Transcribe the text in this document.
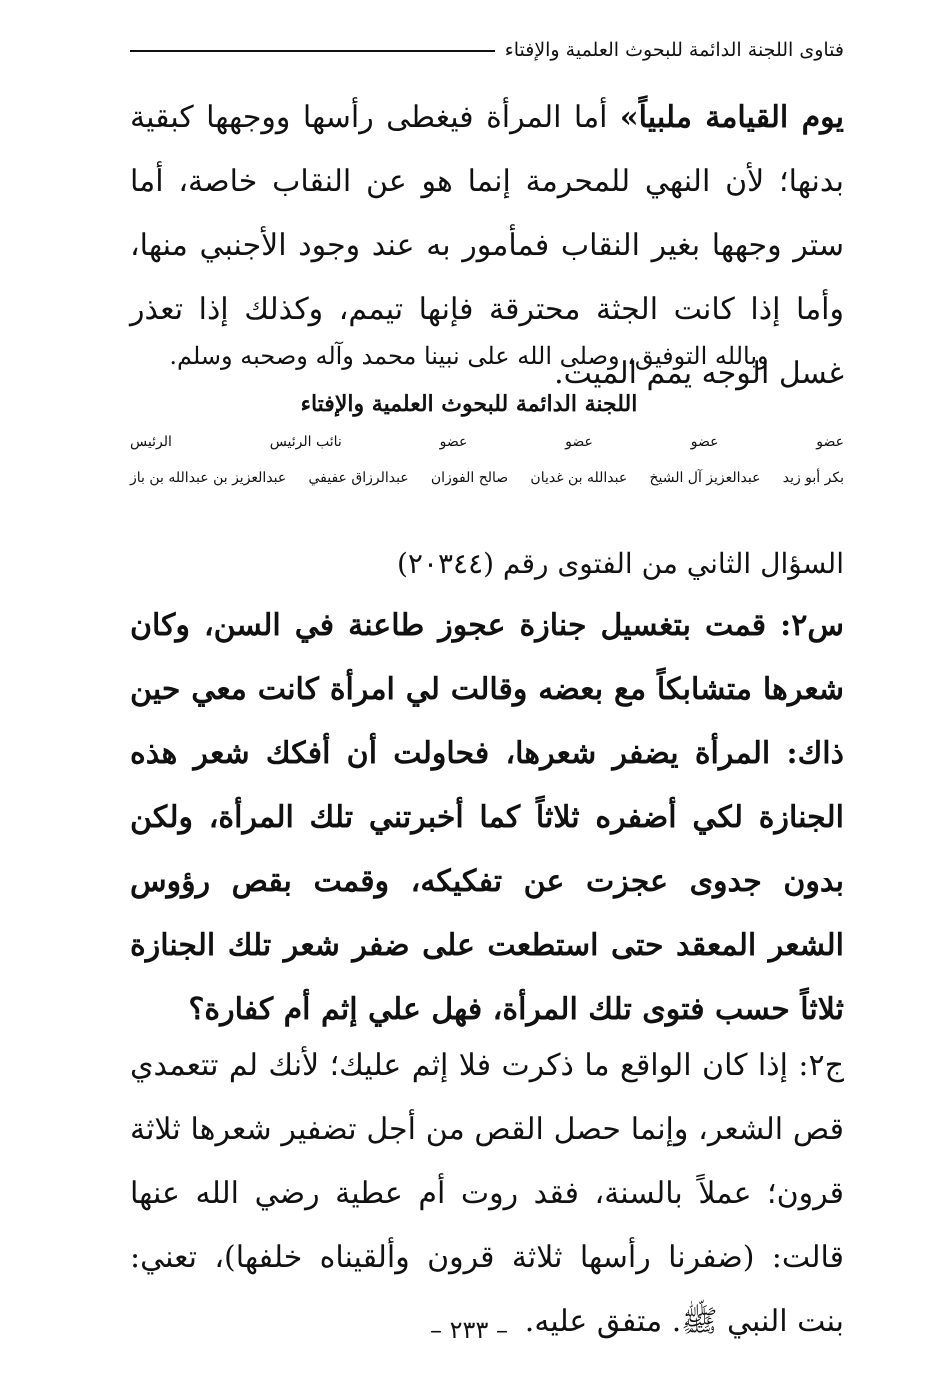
فتاوى اللجنة الدائمة للبحوث العلمية والإفتاء

يوم القيامة ملبياً» أما المرأة فيغطى رأسها ووجهها كبقية بدنها؛ لأن النهي للمحرمة إنما هو عن النقاب خاصة، أما ستر وجهها بغير النقاب فمأمور به عند وجود الأجنبي منها، وأما إذا كانت الجثة محترقة فإنها تيمم، وكذلك إذا تعذر غسل الوجه يمم الميت.

وبالله التوفيق، وصلى الله على نبينا محمد وآله وصحبه وسلم.

اللجنة الدائمة للبحوث العلمية والإفتاء

عضو
عضو
عضو
عضو
نائب الرئيس
الرئيس
بكر أبو زيد
عبدالعزيز آل الشيخ
عبدالله بن غديان
صالح الفوزان
عبدالرزاق عفيفي
عبدالعزيز بن عبدالله بن باز

السؤال الثاني من الفتوى رقم (٢٠٣٤٤)

س٢: قمت بتغسيل جنازة عجوز طاعنة في السن، وكان شعرها متشابكاً مع بعضه وقالت لي امرأة كانت معي حين ذاك: المرأة يضفر شعرها، فحاولت أن أفكك شعر هذه الجنازة لكي أضفره ثلاثاً كما أخبرتني تلك المرأة، ولكن بدون جدوى عجزت عن تفكيكه، وقمت بقص رؤوس الشعر المعقد حتى استطعت على ضفر شعر تلك الجنازة ثلاثاً حسب فتوى تلك المرأة، فهل علي إثم أم كفارة؟

ج٢: إذا كان الواقع ما ذكرت فلا إثم عليك؛ لأنك لم تتعمدي قص الشعر، وإنما حصل القص من أجل تضفير شعرها ثلاثة قرون؛ عملاً بالسنة، فقد روت أم عطية رضي الله عنها قالت: (ضفرنا رأسها ثلاثة قرون وألقيناه خلفها)، تعني: بنت النبي ﷺ. متفق عليه.

– ٢٣٣ –
